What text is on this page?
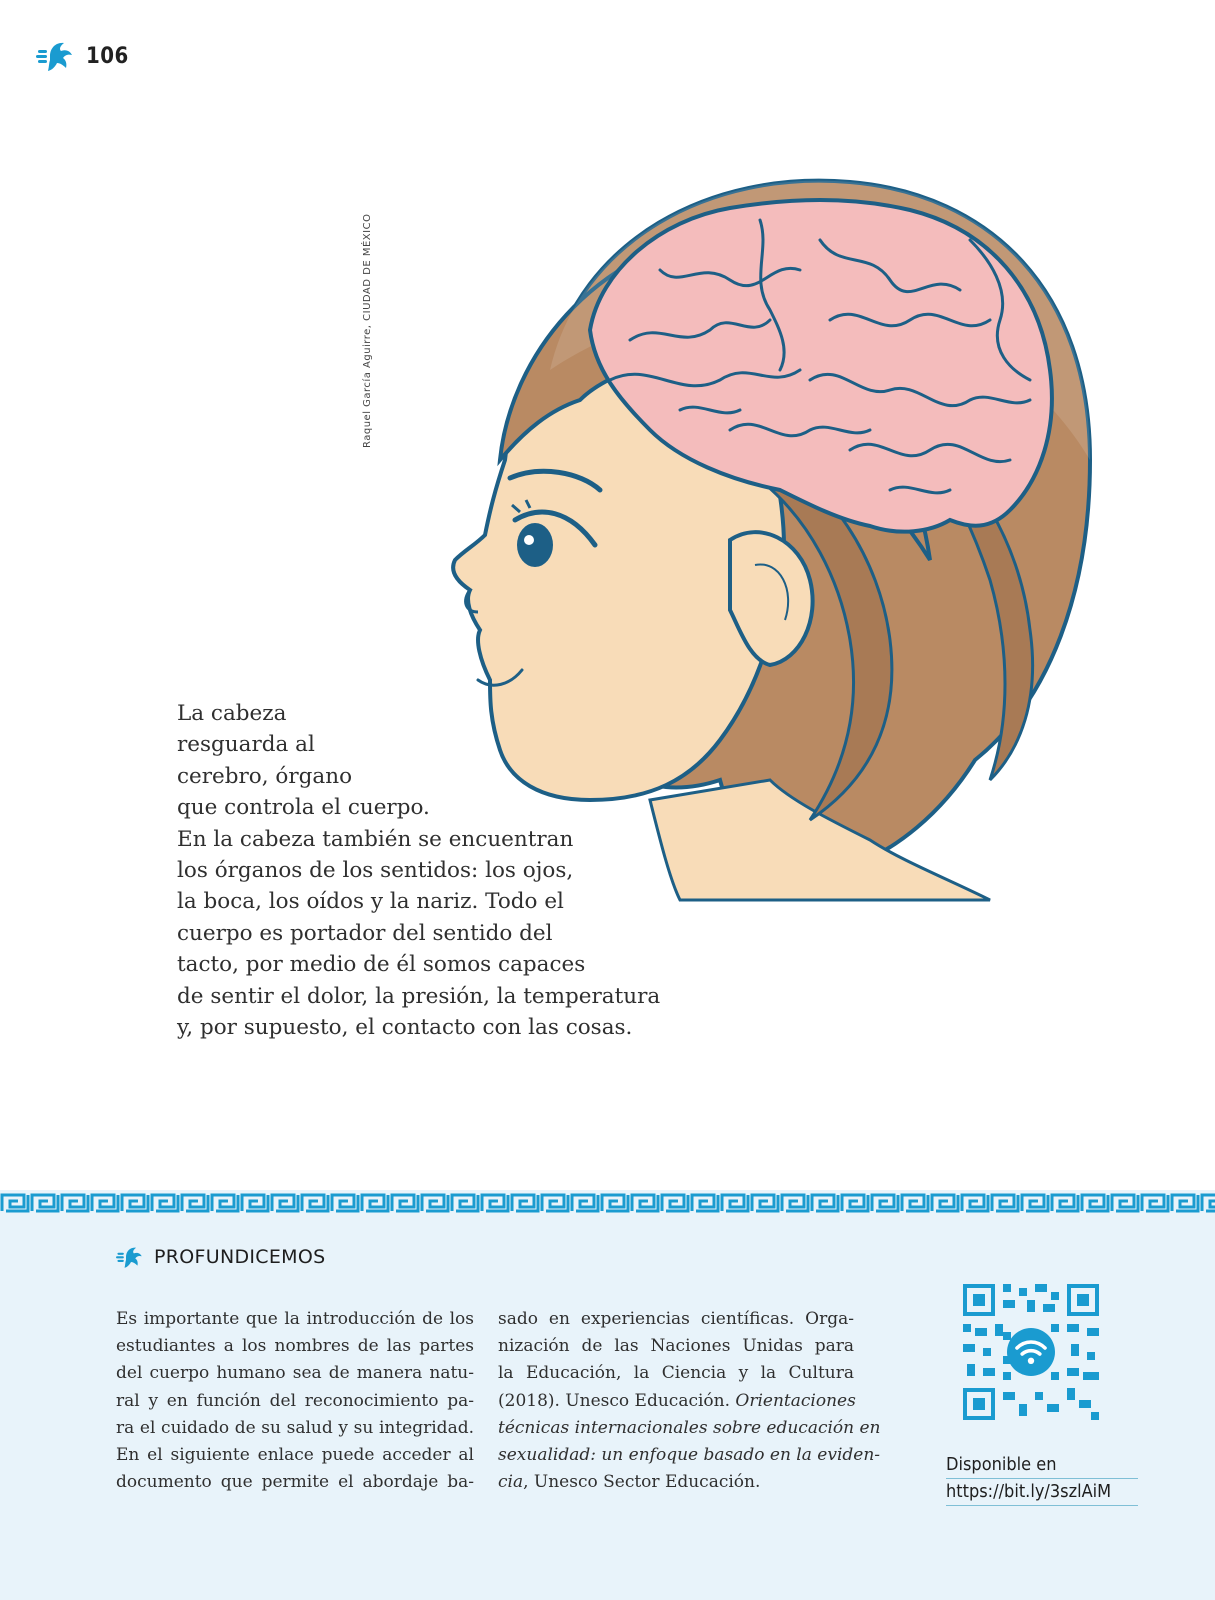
106
Raquel García Aguirre, CIUDAD DE MÉXICO
La cabeza
resguarda al
cerebro, órgano
que controla el cuerpo.
En la cabeza también se encuentran
los órganos de los sentidos: los ojos,
la boca, los oídos y la nariz. Todo el
cuerpo es portador del sentido del
tacto, por medio de él somos capaces
de sentir el dolor, la presión, la temperatura
y, por supuesto, el contacto con las cosas.
PROFUNDICEMOS
Es importante que la introducción de los
estudiantes a los nombres de las partes
del cuerpo humano sea de manera natu-
ral y en función del reconocimiento pa-
ra el cuidado de su salud y su integridad.
En el siguiente enlace puede acceder al
documento que permite el abordaje ba-
sado en experiencias científicas. Orga-
nización de las Naciones Unidas para
la Educación, la Ciencia y la Cultura
(2018). Unesco Educación. Orientaciones
técnicas internacionales sobre educación en
sexualidad: un enfoque basado en la eviden-
cia, Unesco Sector Educación.
Disponible en
https://bit.ly/3szlAiM
